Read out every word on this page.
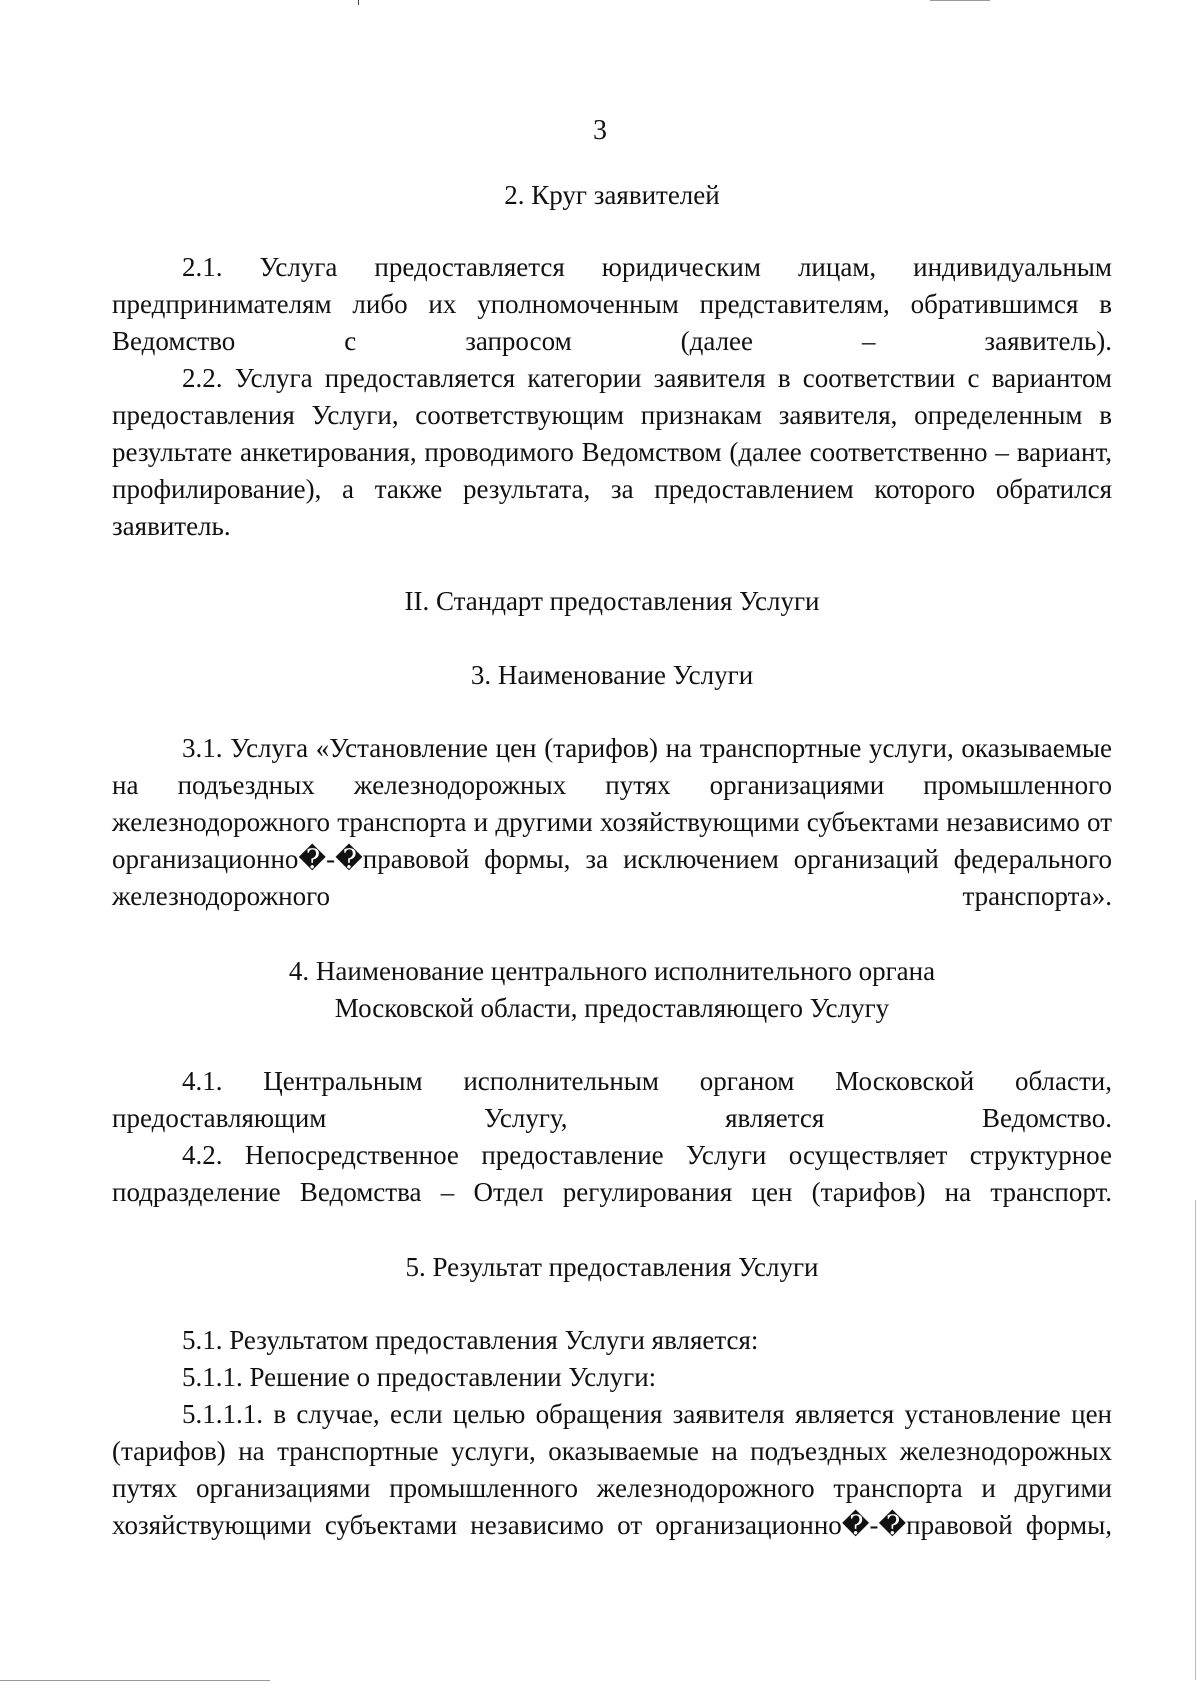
3
2. Круг заявителей

2.1. Услуга предоставляется юридическим лицам, индивидуальным предпринимателям либо их уполномоченным представителям, обратившимся в Ведомство с запросом (далее – заявитель).

2.2. Услуга предоставляется категории заявителя в соответствии с вариантом предоставления Услуги, соответствующим признакам заявителя, определенным в результате анкетирования, проводимого Ведомством (далее соответственно – вариант, профилирование), а также результата, за предоставлением которого обратился заявитель.

II. Стандарт предоставления Услуги
3. Наименование Услуги

3.1. Услуга «Установление цен (тарифов) на транспортные услуги, оказываемые на подъездных железнодорожных путях организациями промышленного железнодорожного транспорта и другими хозяйствующими субъектами независимо от организационно�-�правовой формы, за исключением организаций федерального железнодорожного транспорта».

4. Наименование центрального исполнительного органа
Московской области, предоставляющего Услугу

4.1. Центральным исполнительным органом Московской области, предоставляющим Услугу, является Ведомство.

4.2. Непосредственное предоставление Услуги осуществляет структурное подразделение Ведомства – Отдел регулирования цен (тарифов) на транспорт.

5. Результат предоставления Услуги

5.1. Результатом предоставления Услуги является:

5.1.1. Решение о предоставлении Услуги:

5.1.1.1. в случае, если целью обращения заявителя является установление цен (тарифов) на транспортные услуги, оказываемые на подъездных железнодорожных путях организациями промышленного железнодорожного транспорта и другими хозяйствующими субъектами независимо от организационно�-�правовой формы,
